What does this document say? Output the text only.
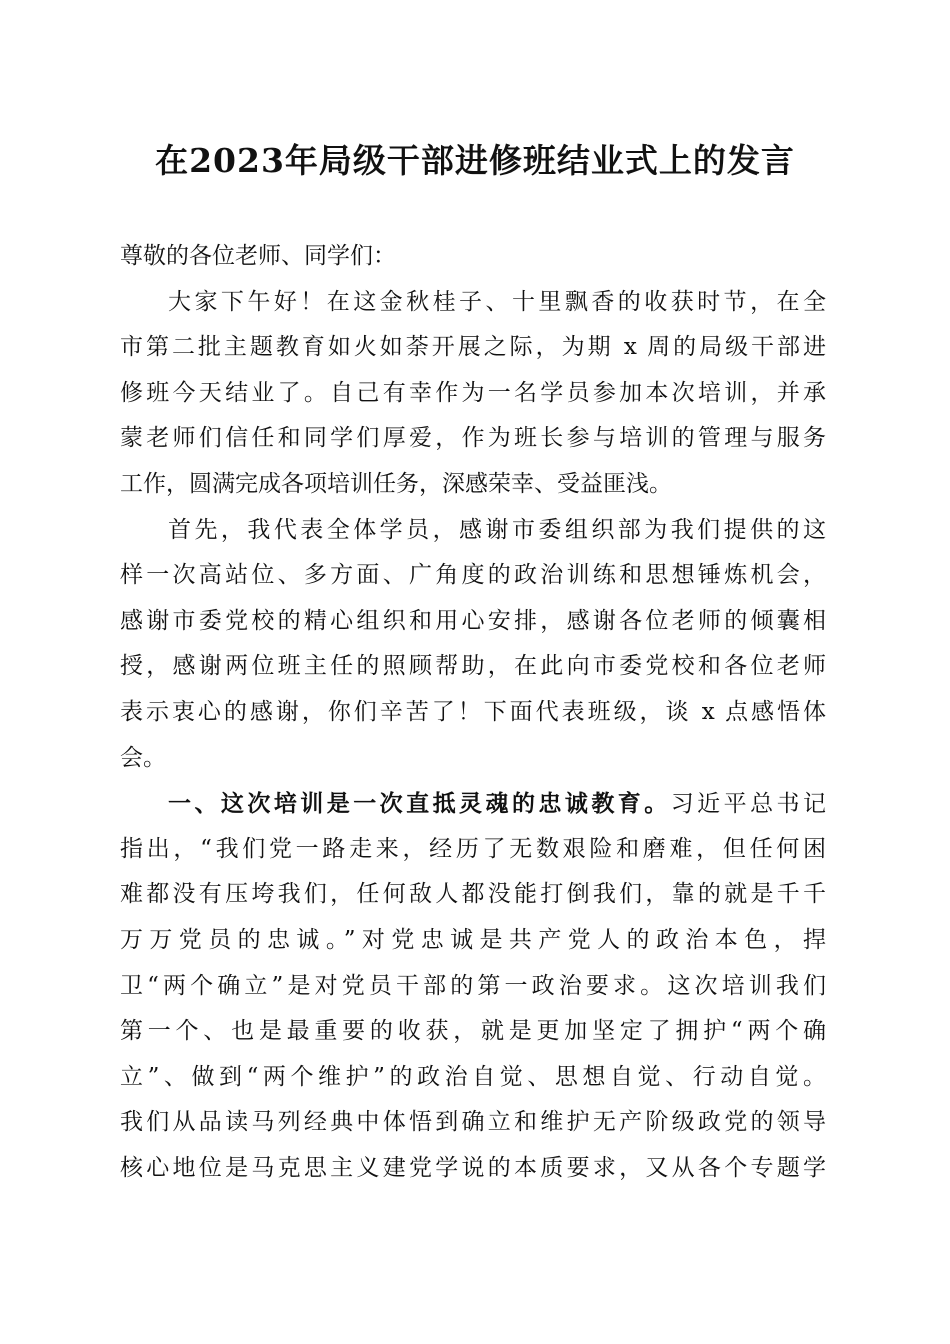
在2023年局级干部进修班结业式上的发言
尊敬的各位老师、同学们：
大家下午好！在这金秋桂子、十里飘香的收获时节，在全
市第二批主题教育如火如荼开展之际，为期 x 周的局级干部进
修班今天结业了。自己有幸作为一名学员参加本次培训，并承
蒙老师们信任和同学们厚爱，作为班长参与培训的管理与服务
工作，圆满完成各项培训任务，深感荣幸、受益匪浅。
首先，我代表全体学员，感谢市委组织部为我们提供的这
样一次高站位、多方面、广角度的政治训练和思想锤炼机会，
感谢市委党校的精心组织和用心安排，感谢各位老师的倾囊相
授，感谢两位班主任的照顾帮助，在此向市委党校和各位老师
表示衷心的感谢，你们辛苦了！下面代表班级，谈 x 点感悟体
会。
一、这次培训是一次直抵灵魂的忠诚教育。习近平总书记
指出，“我们党一路走来，经历了无数艰险和磨难，但任何困
难都没有压垮我们，任何敌人都没能打倒我们，靠的就是千千
万万党员的忠诚。”对党忠诚是共产党人的政治本色，捍
卫“两个确立”是对党员干部的第一政治要求。这次培训我们
第一个、也是最重要的收获，就是更加坚定了拥护“两个确
立”、做到“两个维护”的政治自觉、思想自觉、行动自觉。
我们从品读马列经典中体悟到确立和维护无产阶级政党的领导
核心地位是马克思主义建党学说的本质要求，又从各个专题学
